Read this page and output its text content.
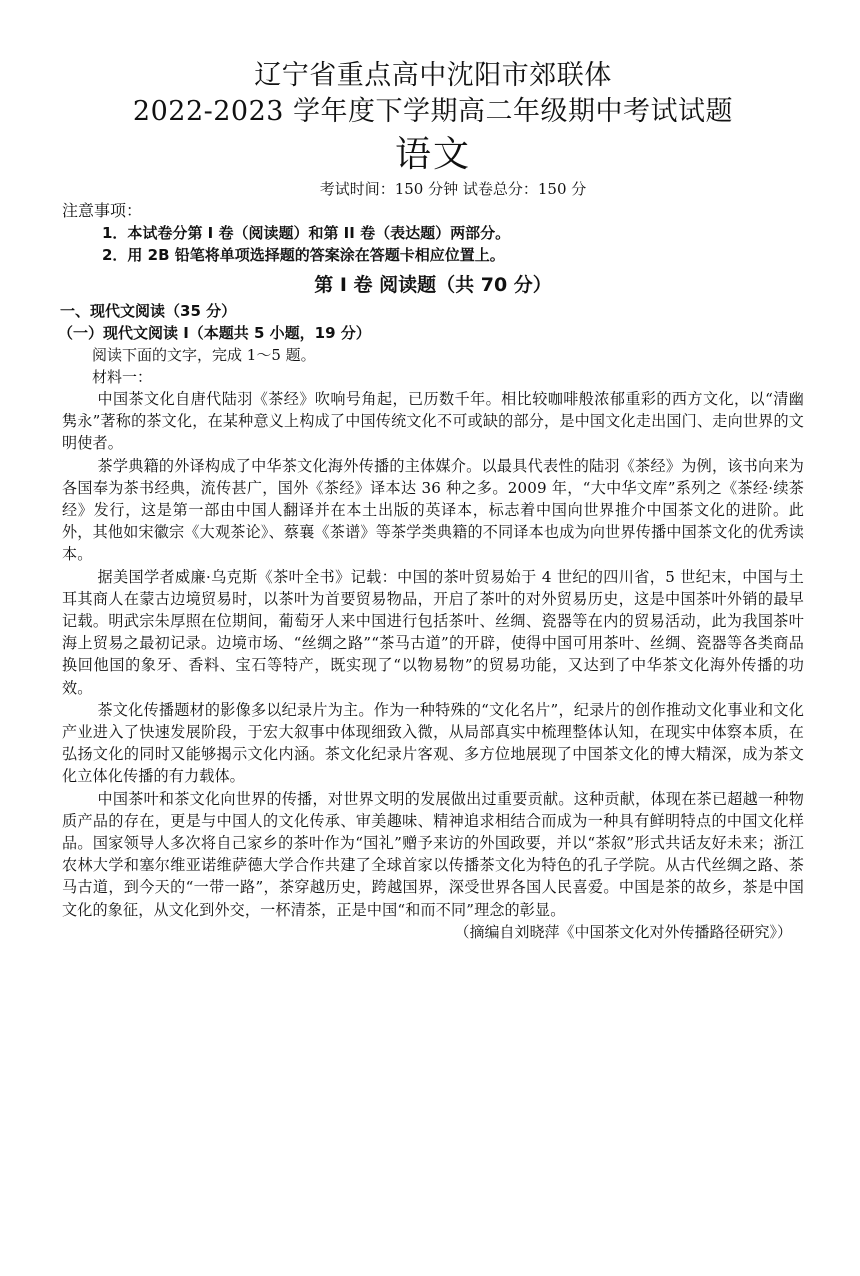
辽宁省重点高中沈阳市郊联体
2022-2023 学年度下学期高二年级期中考试试题
语文
考试时间：150 分钟 试卷总分：150 分
注意事项：
1．本试卷分第 I 卷（阅读题）和第 II 卷（表达题）两部分。
2．用 2B 铅笔将单项选择题的答案涂在答题卡相应位置上。
第 I 卷 阅读题（共 70 分）
一、现代文阅读（35 分）
（一）现代文阅读 I（本题共 5 小题，19 分）
阅读下面的文字，完成 1～5 题。
材料一：
中国茶文化自唐代陆羽《茶经》吹响号角起，已历数千年。相比较咖啡般浓郁重彩的西方文化，以“清幽隽永”著称的茶文化，在某种意义上构成了中国传统文化不可或缺的部分，是中国文化走出国门、走向世界的文明使者。
茶学典籍的外译构成了中华茶文化海外传播的主体媒介。以最具代表性的陆羽《茶经》为例，该书向来为各国奉为茶书经典，流传甚广，国外《茶经》译本达 36 种之多。2009 年，“大中华文库”系列之《茶经·续茶经》发行，这是第一部由中国人翻译并在本土出版的英译本，标志着中国向世界推介中国茶文化的进阶。此外，其他如宋徽宗《大观茶论》、蔡襄《茶谱》等茶学类典籍的不同译本也成为向世界传播中国茶文化的优秀读本。
据美国学者威廉·乌克斯《茶叶全书》记载：中国的茶叶贸易始于 4 世纪的四川省，5 世纪末，中国与土耳其商人在蒙古边境贸易时，以茶叶为首要贸易物品，开启了茶叶的对外贸易历史，这是中国茶叶外销的最早记载。明武宗朱厚照在位期间，葡萄牙人来中国进行包括茶叶、丝绸、瓷器等在内的贸易活动，此为我国茶叶海上贸易之最初记录。边境市场、“丝绸之路”“茶马古道”的开辟，使得中国可用茶叶、丝绸、瓷器等各类商品换回他国的象牙、香料、宝石等特产，既实现了“以物易物”的贸易功能，又达到了中华茶文化海外传播的功效。
茶文化传播题材的影像多以纪录片为主。作为一种特殊的“文化名片”，纪录片的创作推动文化事业和文化产业进入了快速发展阶段，于宏大叙事中体现细致入微，从局部真实中梳理整体认知，在现实中体察本质，在弘扬文化的同时又能够揭示文化内涵。茶文化纪录片客观、多方位地展现了中国茶文化的博大精深，成为茶文化立体化传播的有力载体。
中国茶叶和茶文化向世界的传播，对世界文明的发展做出过重要贡献。这种贡献，体现在茶已超越一种物质产品的存在，更是与中国人的文化传承、审美趣味、精神追求相结合而成为一种具有鲜明特点的中国文化样品。国家领导人多次将自己家乡的茶叶作为“国礼”赠予来访的外国政要，并以“茶叙”形式共话友好未来；浙江农林大学和塞尔维亚诺维萨德大学合作共建了全球首家以传播茶文化为特色的孔子学院。从古代丝绸之路、茶马古道，到今天的“一带一路”，茶穿越历史，跨越国界，深受世界各国人民喜爱。中国是茶的故乡，茶是中国文化的象征，从文化到外交，一杯清茶，正是中国“和而不同”理念的彰显。
（摘编自刘晓萍《中国茶文化对外传播路径研究》）
